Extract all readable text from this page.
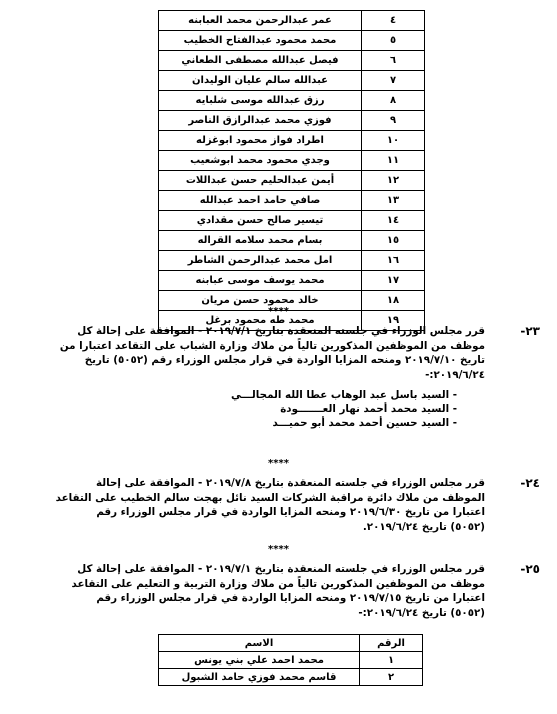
٤	عمر عبدالرحمن محمد العبابنه
٥	محمد محمود عبدالفتاح الخطيب
٦	فيصل عبدالله مصطفى الطعاني
٧	عبدالله سالم عليان الوليدان
٨	رزق عبدالله موسى شلبايه
٩	فوزي محمد عبدالرازق الناصر
١٠	اطراد فواز محمود ابوغزله
١١	وجدي محمود محمد ابوشعيب
١٢	أيمن عبدالحليم حسن عبداللات
١٣	صافي حامد احمد عبدالله
١٤	تيسير صالح حسن مقدادي
١٥	بسام محمد سلامه القراله
١٦	امل محمد عبدالرحمن الشاطر
١٧	محمد يوسف موسى عبابنه
١٨	خالد محمود حسن مريان
١٩	محمد طه محمود برغل
****
٢٣-
قرر مجلس الوزراء في جلسته المنعقدة بتاريخ ٢٠١٩/٧/١ - الموافقة على إحالة كل
موظف من الموظفين المذكورين تالياً من ملاك وزارة الشباب على التقاعد اعتبارا من
تاريخ ٢٠١٩/٧/١٠ ومنحه المزايا الواردة في قرار مجلس الوزراء رقم (٥٠٥٢) تاريخ
٢٠١٩/٦/٢٤:-
- السيد باسل عبد الوهاب عطا الله المجالـــي
- السيد محمد أحمد نهار العـــــــودة
- السيد حسين أحمد محمد أبو حميـــد
****
٢٤-
قرر مجلس الوزراء في جلسته المنعقدة بتاريخ ٢٠١٩/٧/٨ - الموافقة على إحالة
الموظف من ملاك دائرة مراقبة الشركات السيد نائل بهجت سالم الخطيب على التقاعد
اعتبارا من تاريخ ٢٠١٩/٦/٣٠ ومنحه المزايا الواردة في قرار مجلس الوزراء رقم
(٥٠٥٢) تاريخ ٢٠١٩/٦/٢٤.
****
٢٥-
قرر مجلس الوزراء في جلسته المنعقدة بتاريخ ٢٠١٩/٧/١ - الموافقة على إحالة كل
موظف من الموظفين المذكورين تالياً من ملاك وزارة التربية و التعليم على التقاعد
اعتبارا من تاريخ ٢٠١٩/٧/١٥ ومنحه المزايا الواردة في قرار مجلس الوزراء رقم
(٥٠٥٢) تاريخ ٢٠١٩/٦/٢٤:-
الرقم	الاسم
١	محمد احمد علي بني يونس
٢	قاسم محمد فوزي حامد الشبول
